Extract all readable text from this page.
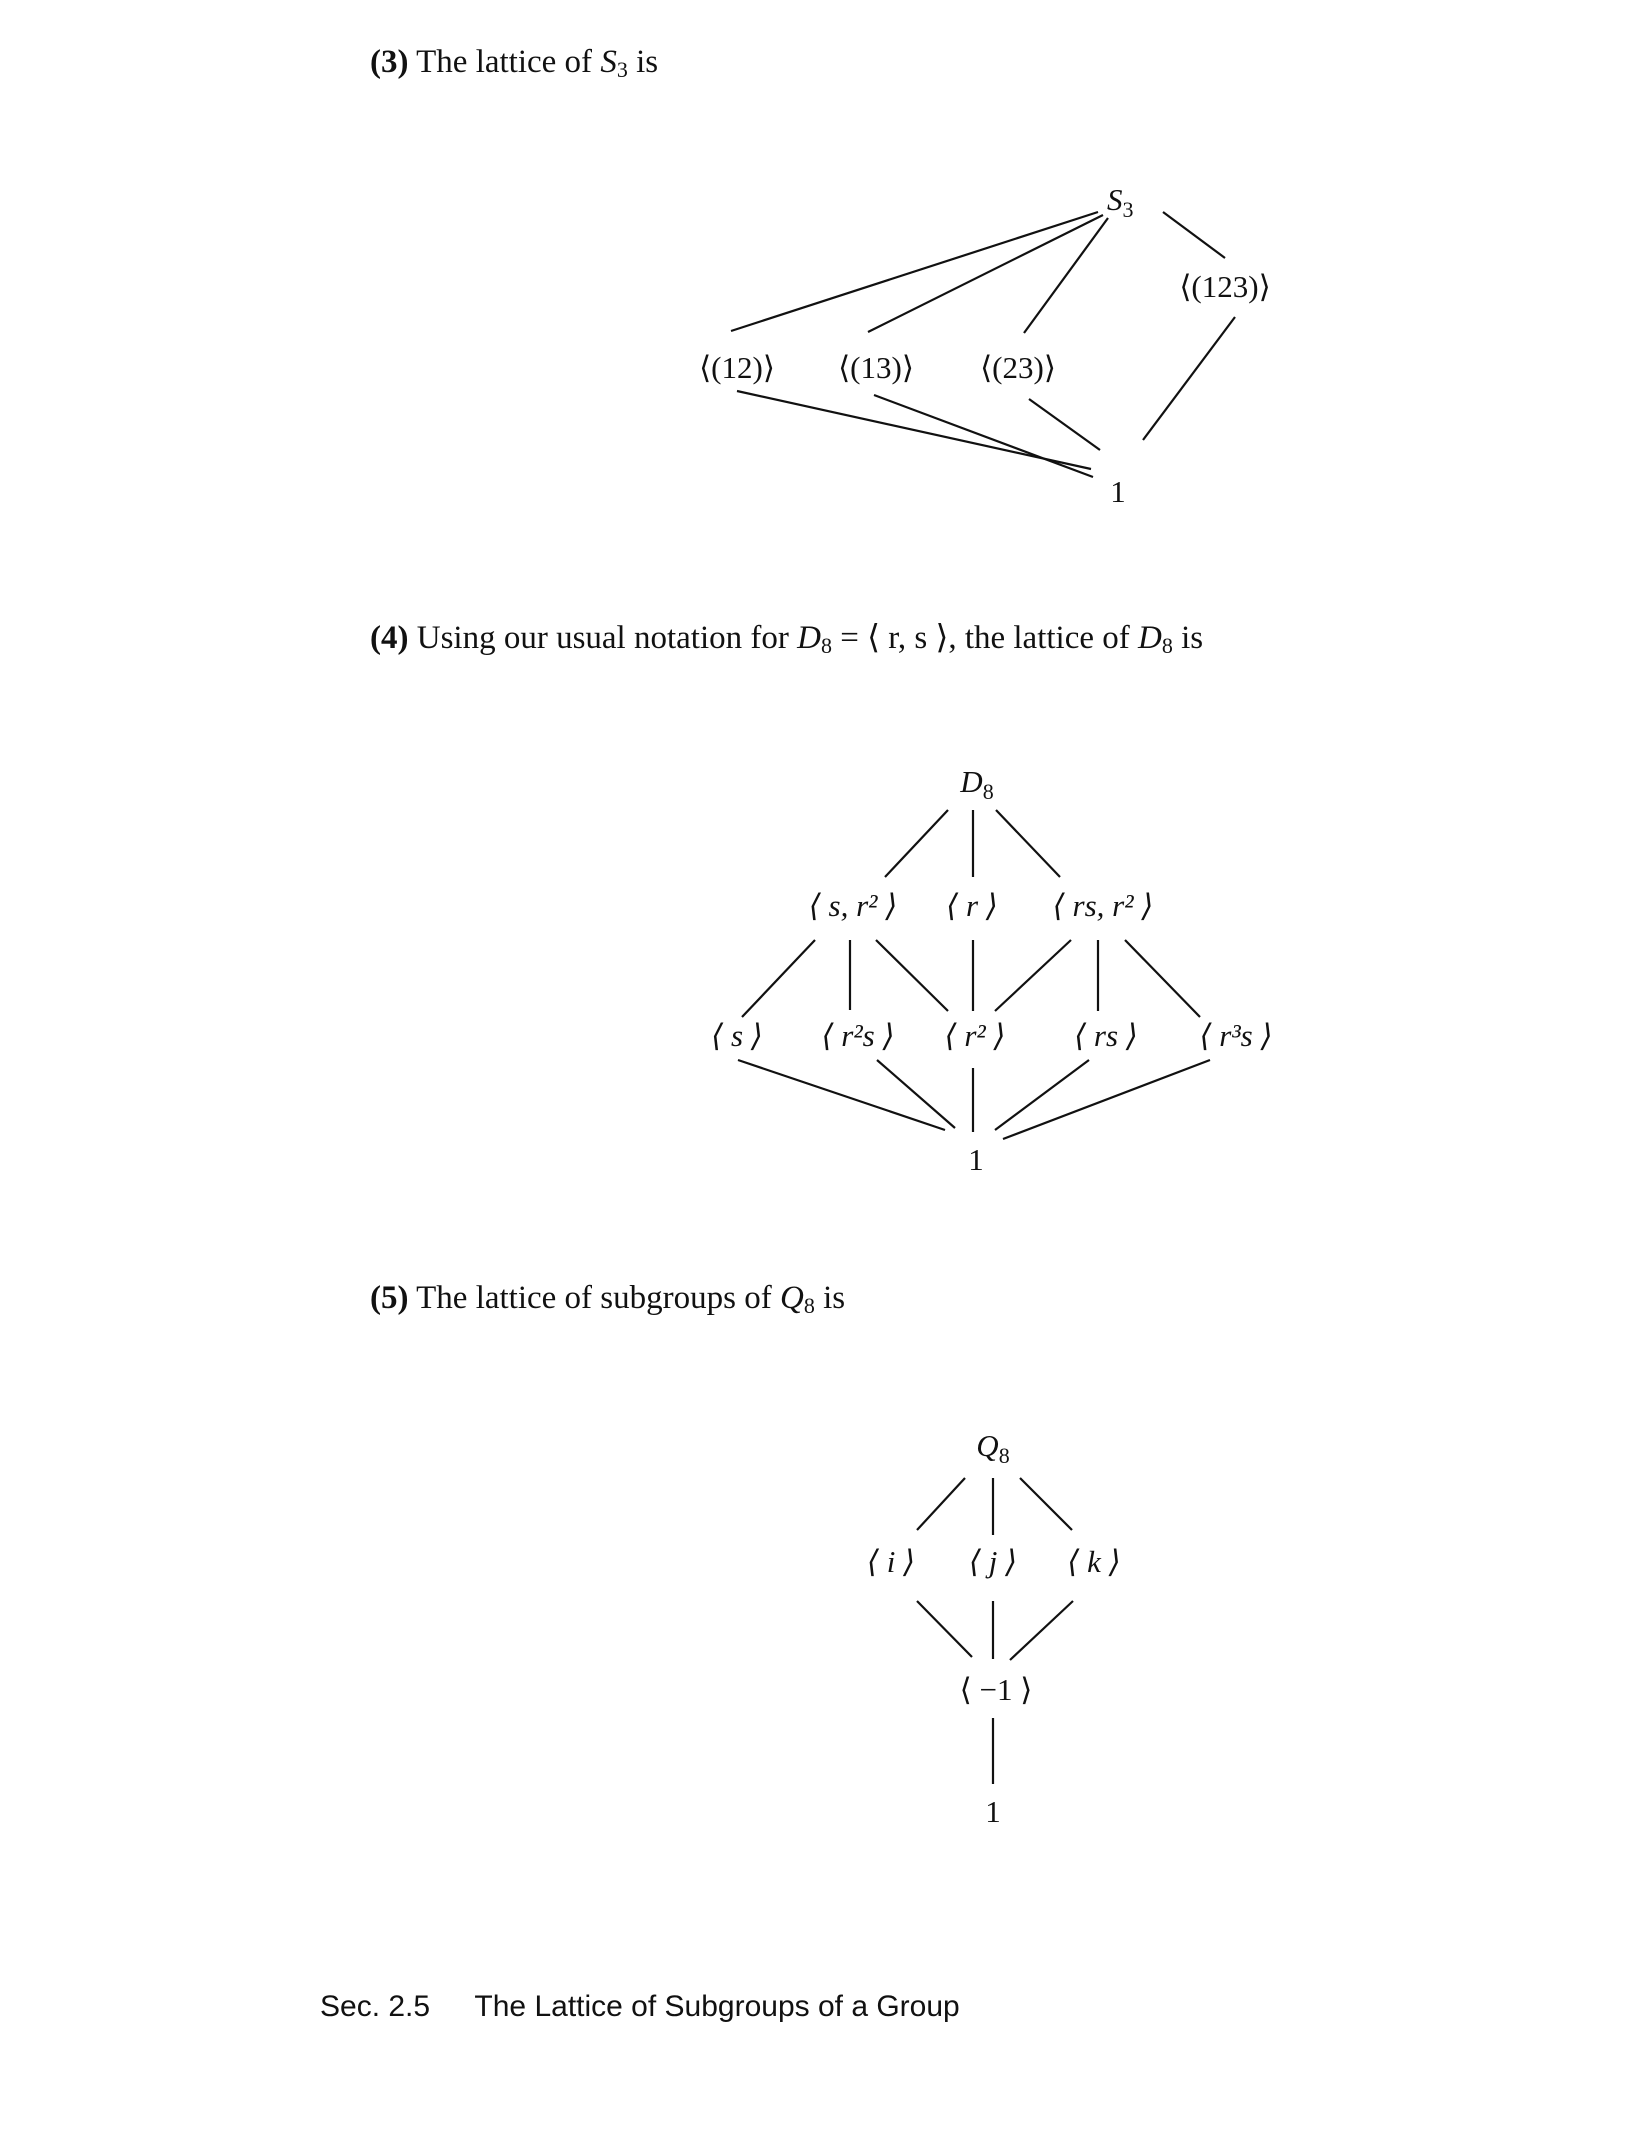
(3) The lattice of $S_3$ is
(4) Using our usual notation for $D_8$ = ⟨ r, s ⟩, the lattice of $D_8$ is
(5) The lattice of subgroups of $Q_8$ is
$S_3$
⟨(123)⟩
⟨(12)⟩ ⟨(13)⟩ ⟨(23)⟩
1
$D_8$
⟨ s, r² ⟩ ⟨ r ⟩ ⟨ rs, r² ⟩
⟨ s ⟩ ⟨ r²s ⟩ ⟨ r² ⟩ ⟨ rs ⟩ ⟨ r³s ⟩
1
$Q_8$
⟨ i ⟩ ⟨ j ⟩ ⟨ k ⟩
⟨ −1 ⟩
1
Sec. 2.5 The Lattice of Subgroups of a Group
